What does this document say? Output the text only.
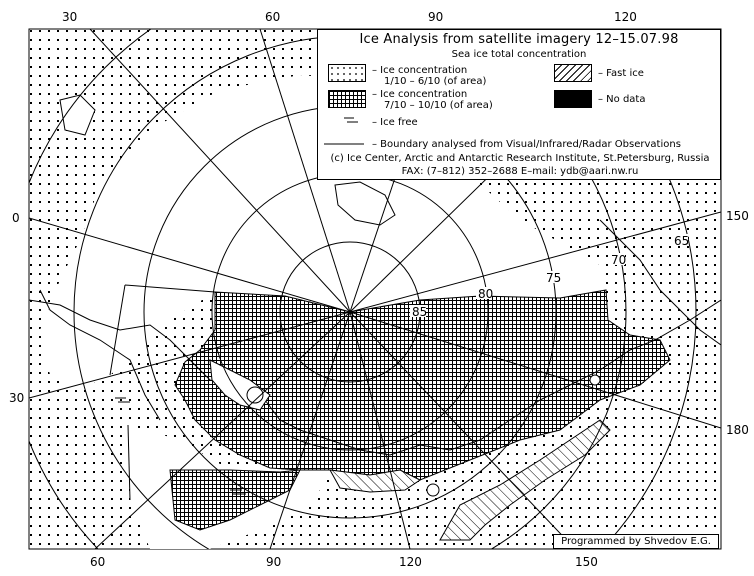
30	60	90	120
60	90	120	150
0
30
150
180
65
70
75
80
85
Ice Analysis from satellite imagery 12–15.07.98
Sea ice total concentration
– Ice concentration
1/10 – 6/10 (of area)
– Ice concentration
7/10 – 10/10 (of area)
– Fast ice
– No data
– Ice free
– Boundary analysed from Visual/Infrared/Radar Observations
(c) Ice Center, Arctic and Antarctic Research Institute, St.Petersburg, Russia
FAX: (7–812) 352–2688 E–mail: ydb@aari.nw.ru
Programmed by Shvedov E.G.
